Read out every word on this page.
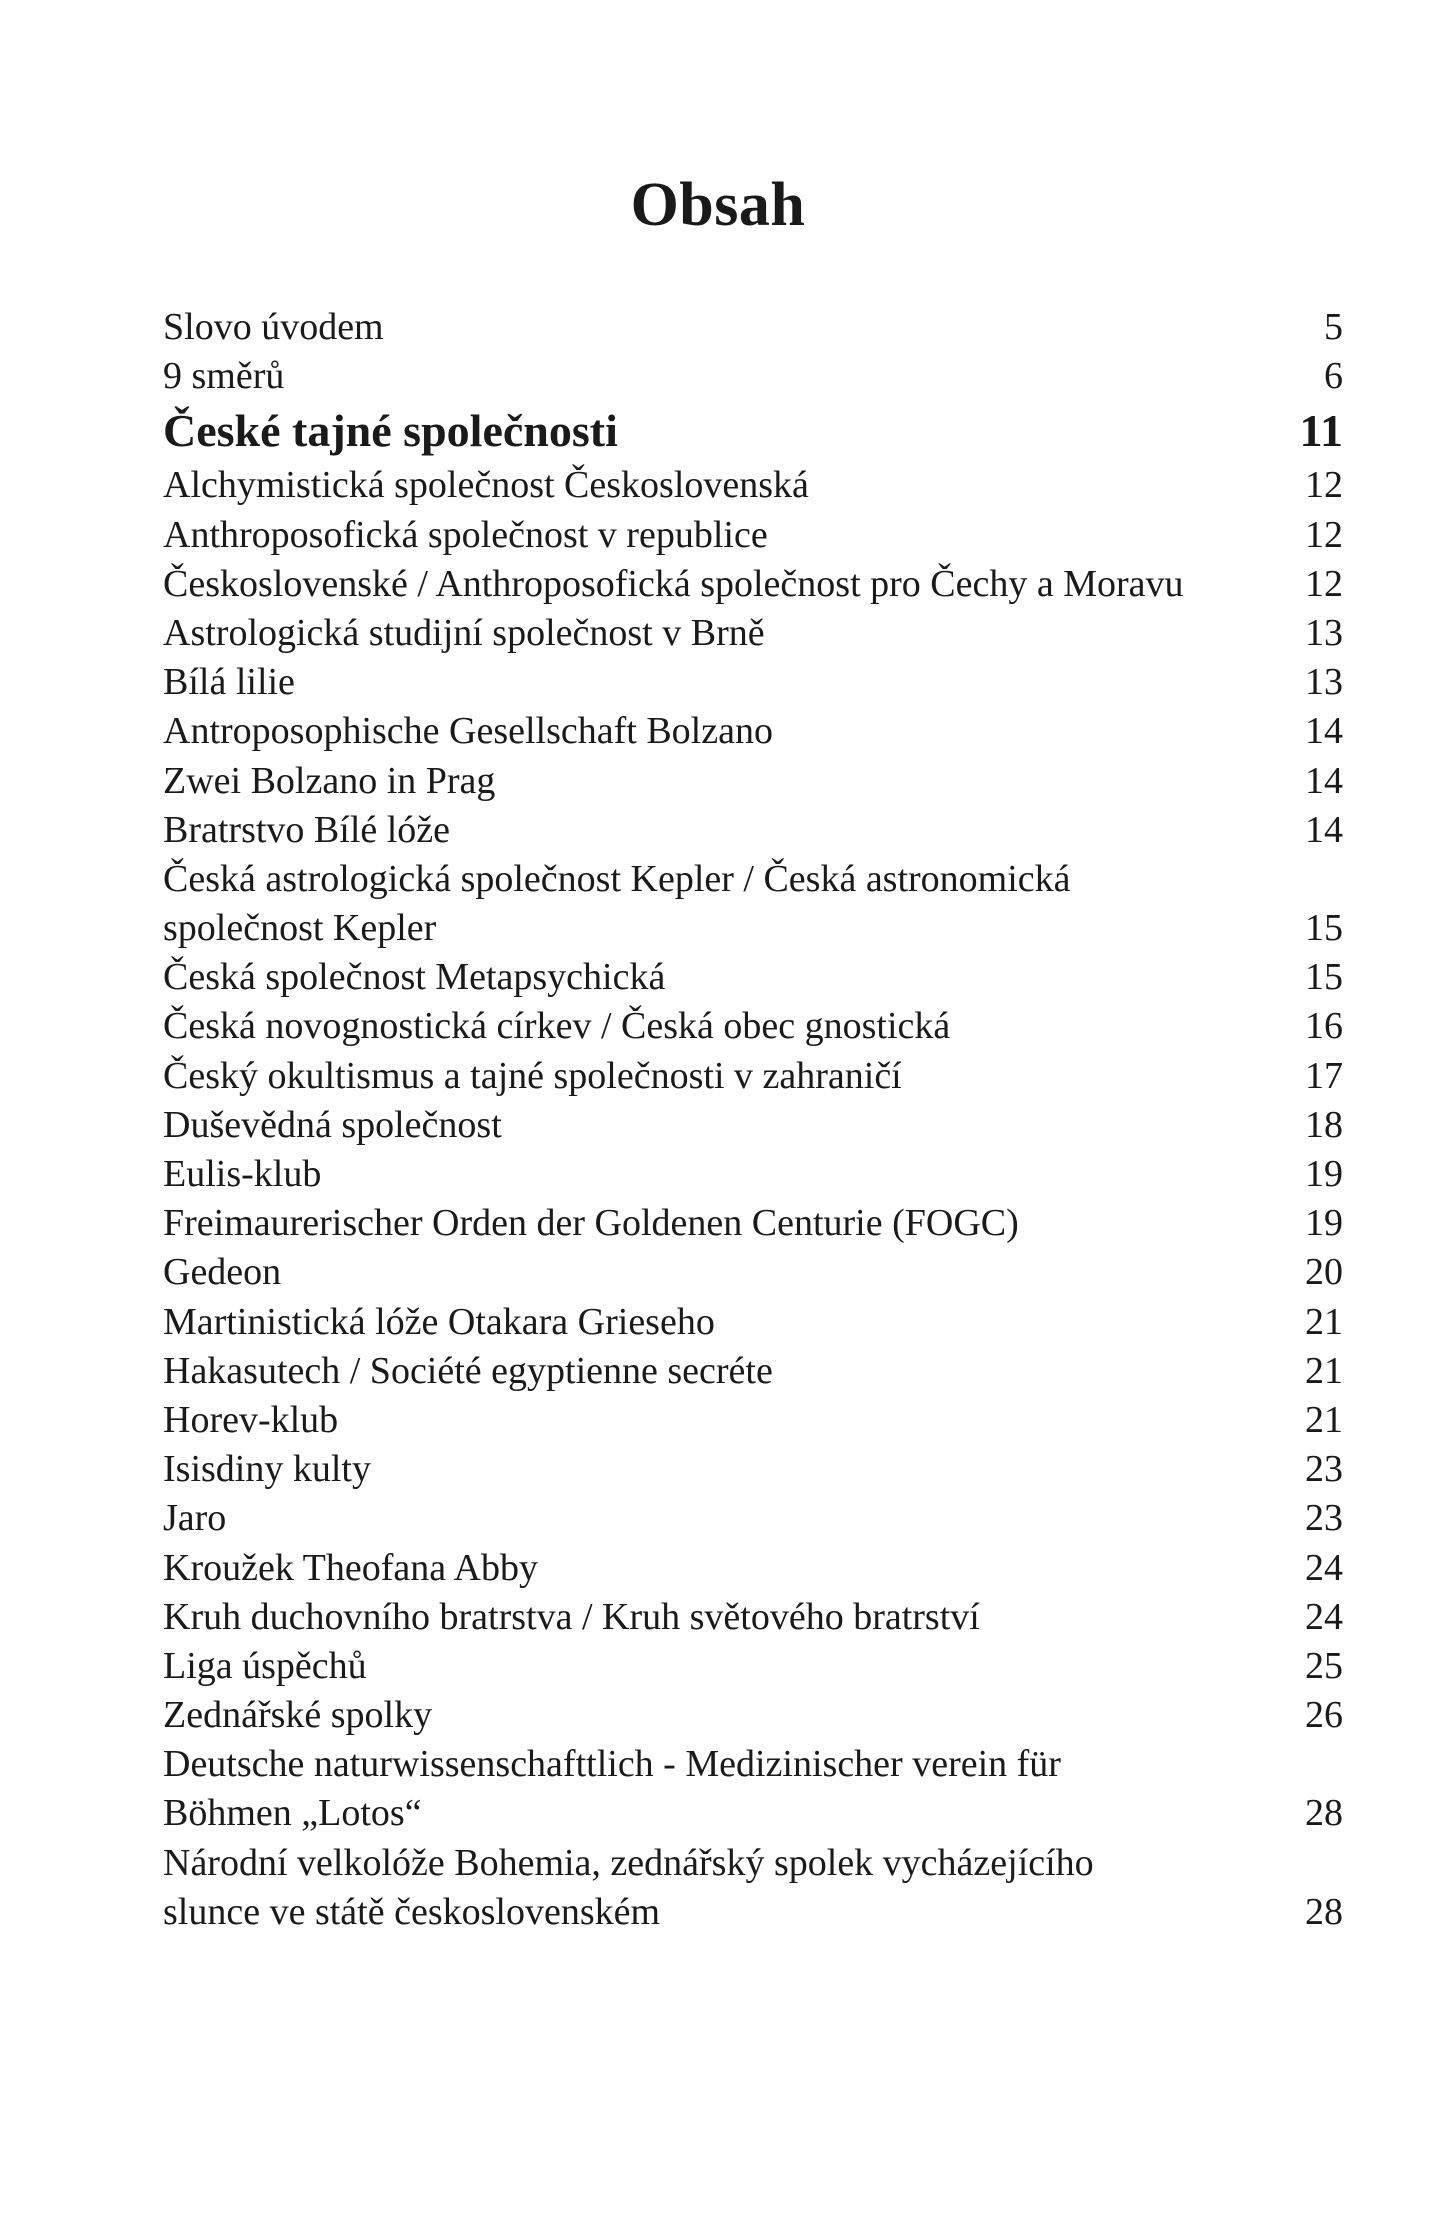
Obsah
Slovo úvodem	5
9 směrů	6
České tajné společnosti	11
Alchymistická společnost Československá	12
Anthroposofická společnost v republice	12
Československé / Anthroposofická společnost pro Čechy a Moravu	12
Astrologická studijní společnost v Brně	13
Bílá lilie	13
Antroposophische Gesellschaft Bolzano	14
Zwei Bolzano in Prag	14
Bratrstvo Bílé lóže	14
Česká astrologická společnost Kepler / Česká astronomická
společnost Kepler	15
Česká společnost Metapsychická	15
Česká novognostická církev / Česká obec gnostická	16
Český okultismus a tajné společnosti v zahraničí	17
Duševědná společnost	18
Eulis-klub	19
Freimaurerischer Orden der Goldenen Centurie (FOGC)	19
Gedeon	20
Martinistická lóže Otakara Grieseho	21
Hakasutech / Société egyptienne secréte	21
Horev-klub	21
Isisdiny kulty	23
Jaro	23
Kroužek Theofana Abby	24
Kruh duchovního bratrstva / Kruh světového bratrství	24
Liga úspěchů	25
Zednářské spolky	26
Deutsche naturwissenschafttlich - Medizinischer verein für
Böhmen „Lotos“	28
Národní velkolóže Bohemia, zednářský spolek vycházejícího
slunce ve státě československém	28
